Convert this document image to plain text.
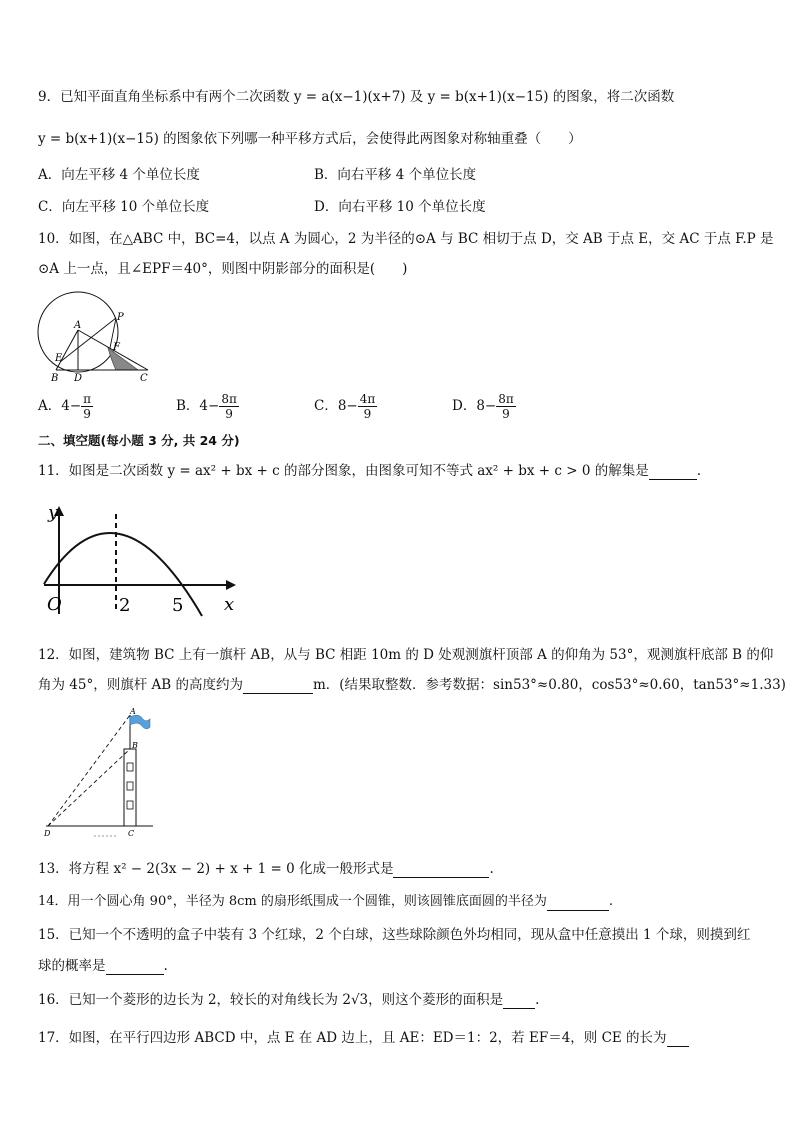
9．已知平面直角坐标系中有两个二次函数 y = a(x−1)(x+7) 及 y = b(x+1)(x−15) 的图象，将二次函数
y = b(x+1)(x−15) 的图象依下列哪一种平移方式后，会使得此两图象对称轴重叠（　　）
A．向左平移 4 个单位长度	B．向右平移 4 个单位长度
C．向左平移 10 个单位长度	D．向右平移 10 个单位长度
10．如图，在△ABC 中，BC=4，以点 A 为圆心，2 为半径的⊙A 与 BC 相切于点 D，交 AB 于点 E，交 AC 于点 F.P 是
⊙A 上一点，且∠EPF＝40°，则图中阴影部分的面积是(　　)
A
E
B D	C
F
P
A．$4- \frac{\pi}{9}$	B．$4- \frac{8\pi}{9}$	C．$8- \frac{4\pi}{9}$	D．$8- \frac{8\pi}{9}$
二、填空题(每小题 3 分, 共 24 分)
11．如图是二次函数 y = ax² + bx + c 的部分图象，由图象可知不等式 ax² + bx + c > 0 的解集是	.
y
x
O	2 5
12．如图，建筑物 BC 上有一旗杆 AB，从与 BC 相距 10m 的 D 处观测旗杆顶部 A 的仰角为 53°，观测旗杆底部 B 的仰
角为 45°，则旗杆 AB 的高度约为	m．(结果取整数．参考数据：sin53°≈0.80，cos53°≈0.60，tan53°≈1.33)
A
B
C
D
13．将方程 x² − 2(3x − 2) + x + 1 = 0 化成一般形式是	.
14．用一个圆心角 90°，半径为 8cm 的扇形纸围成一个圆锥，则该圆锥底面圆的半径为	.
15．已知一个不透明的盒子中装有 3 个红球，2 个白球，这些球除颜色外均相同，现从盒中任意摸出 1 个球，则摸到红
球的概率是	.
16．已知一个菱形的边长为 2，较长的对角线长为 2√3，则这个菱形的面积是 .
17．如图，在平行四边形 ABCD 中，点 E 在 AD 边上，且 AE：ED＝1：2，若 EF＝4，则 CE 的长为
